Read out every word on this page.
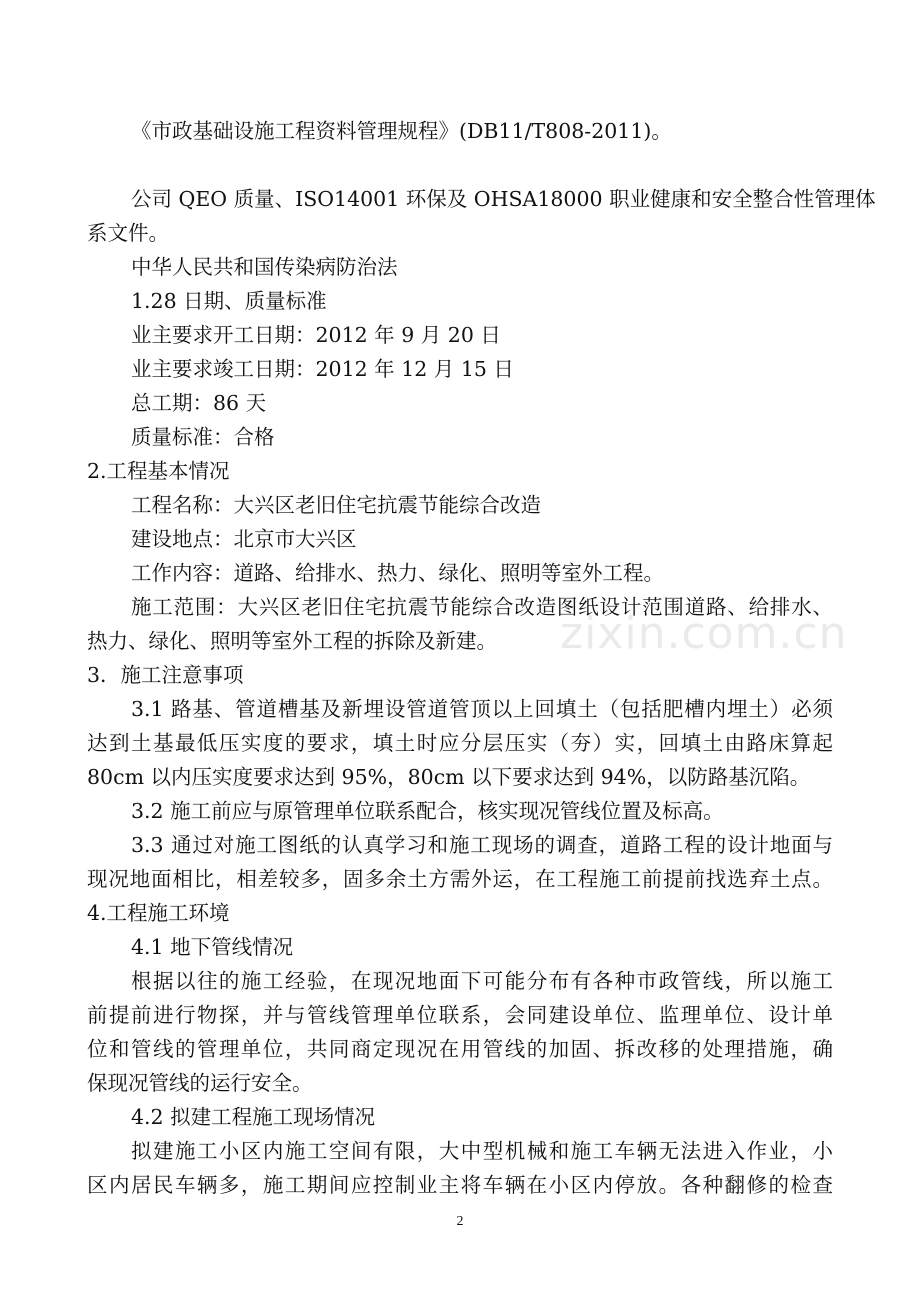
《市政基础设施工程资料管理规程》(DB11/T808-2011)。
公司 QEO 质量、ISO14001 环保及 OHSA18000 职业健康和安全整合性管理体
系文件。
中华人民共和国传染病防治法
1.28 日期、质量标准
业主要求开工日期：2012 年 9 月 20 日
业主要求竣工日期：2012 年 12 月 15 日
总工期：86 天
质量标准：合格
2.工程基本情况
工程名称：大兴区老旧住宅抗震节能综合改造
建设地点：北京市大兴区
工作内容：道路、给排水、热力、绿化、照明等室外工程。
施工范围：大兴区老旧住宅抗震节能综合改造图纸设计范围道路、给排水、
热力、绿化、照明等室外工程的拆除及新建。
3．施工注意事项
3.1 路基、管道槽基及新埋设管道管顶以上回填土（包括肥槽内埋土）必须
达到土基最低压实度的要求，填土时应分层压实（夯）实，回填土由路床算起
80cm 以内压实度要求达到 95%，80cm 以下要求达到 94%，以防路基沉陷。
3.2 施工前应与原管理单位联系配合，核实现况管线位置及标高。
3.3 通过对施工图纸的认真学习和施工现场的调查，道路工程的设计地面与
现况地面相比，相差较多，固多余土方需外运，在工程施工前提前找选弃土点。
4.工程施工环境
4.1 地下管线情况
根据以往的施工经验，在现况地面下可能分布有各种市政管线，所以施工
前提前进行物探，并与管线管理单位联系，会同建设单位、监理单位、设计单
位和管线的管理单位，共同商定现况在用管线的加固、拆改移的处理措施，确
保现况管线的运行安全。
4.2 拟建工程施工现场情况
拟建施工小区内施工空间有限，大中型机械和施工车辆无法进入作业，小
区内居民车辆多，施工期间应控制业主将车辆在小区内停放。各种翻修的检查
zixin.com.cn
2
